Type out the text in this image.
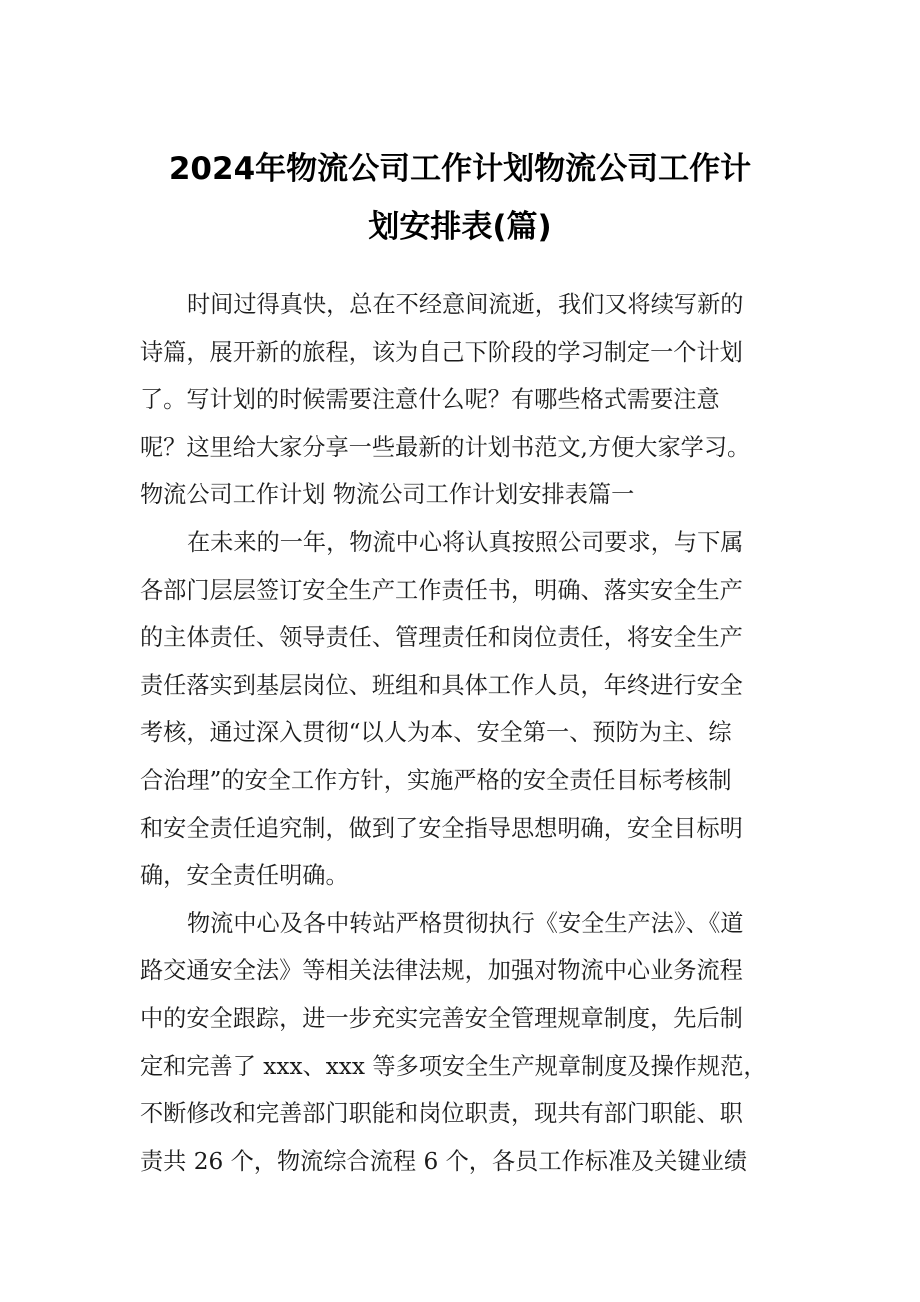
2024年物流公司工作计划物流公司工作计
划安排表(篇)
时间过得真快，总在不经意间流逝，我们又将续写新的
诗篇，展开新的旅程，该为自己下阶段的学习制定一个计划
了。写计划的时候需要注意什么呢？有哪些格式需要注意
呢？这里给大家分享一些最新的计划书范文,方便大家学习。
物流公司工作计划 物流公司工作计划安排表篇一
在未来的一年，物流中心将认真按照公司要求，与下属
各部门层层签订安全生产工作责任书，明确、落实安全生产
的主体责任、领导责任、管理责任和岗位责任，将安全生产
责任落实到基层岗位、班组和具体工作人员，年终进行安全
考核，通过深入贯彻“以人为本、安全第一、预防为主、综
合治理”的安全工作方针，实施严格的安全责任目标考核制
和安全责任追究制，做到了安全指导思想明确，安全目标明
确，安全责任明确。
物流中心及各中转站严格贯彻执行《安全生产法》、《道
路交通安全法》等相关法律法规，加强对物流中心业务流程
中的安全跟踪，进一步充实完善安全管理规章制度，先后制
定和完善了 xxx、xxx 等多项安全生产规章制度及操作规范，
不断修改和完善部门职能和岗位职责，现共有部门职能、职
责共 26 个，物流综合流程 6 个，各员工作标准及关键业绩
